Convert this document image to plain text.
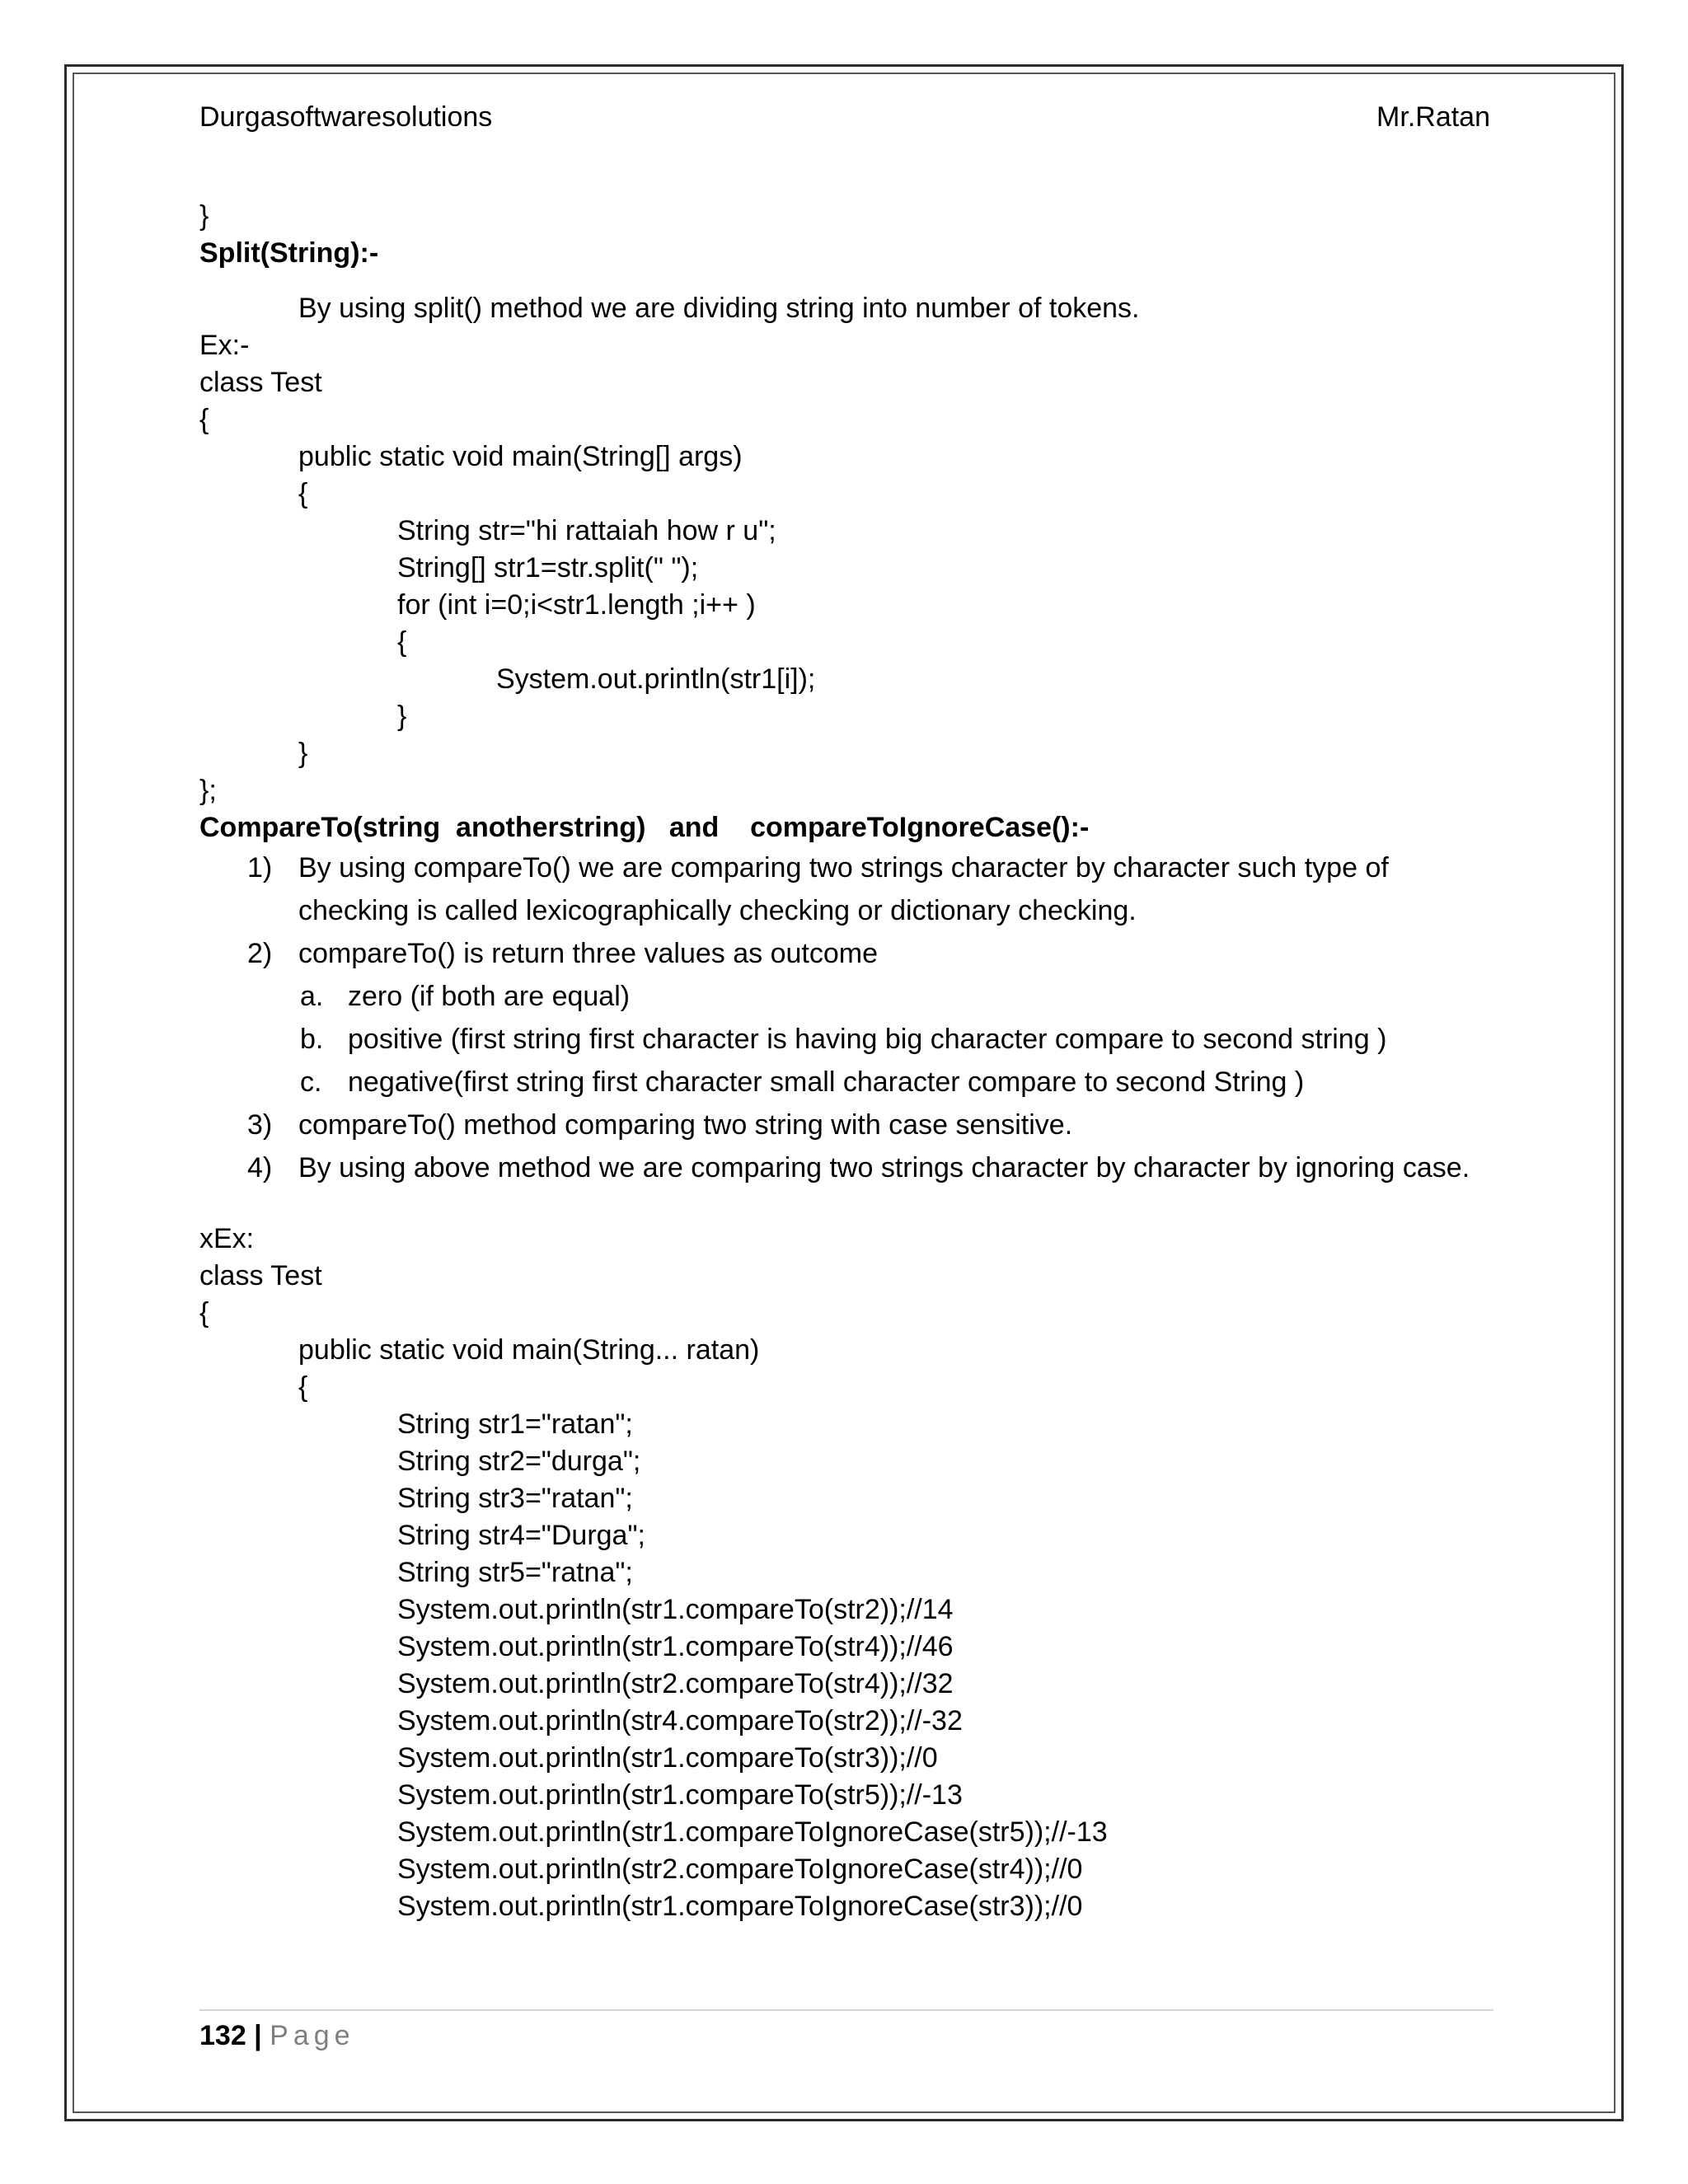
Durgasoftwaresolutions	Mr.Ratan
}
Split(String):-
By using split() method we are dividing string into number of tokens.
Ex:-
class Test
{
public static void main(String[] args)
{
String str="hi rattaiah how r u";
String[] str1=str.split(" ");
for (int i=0;i<str1.length ;i++ )
{
System.out.println(str1[i]);
}
}
};
CompareTo(string  anotherstring)   and    compareToIgnoreCase():-
1) By using compareTo() we are comparing two strings character by character such type of
checking is called lexicographically checking or dictionary checking.
2) compareTo() is return three values as outcome
a. zero (if both are equal)
b. positive (first string first character is having big character compare to second string )
c. negative(first string first character small character compare to second String )
3) compareTo() method comparing two string with case sensitive.
4) By using above method we are comparing two strings character by character by ignoring case.
xEx:
class Test
{
public static void main(String... ratan)
{
String str1="ratan";
String str2="durga";
String str3="ratan";
String str4="Durga";
String str5="ratna";
System.out.println(str1.compareTo(str2));//14
System.out.println(str1.compareTo(str4));//46
System.out.println(str2.compareTo(str4));//32
System.out.println(str4.compareTo(str2));//-32
System.out.println(str1.compareTo(str3));//0
System.out.println(str1.compareTo(str5));//-13
System.out.println(str1.compareToIgnoreCase(str5));//-13
System.out.println(str2.compareToIgnoreCase(str4));//0
System.out.println(str1.compareToIgnoreCase(str3));//0
132 | Page
